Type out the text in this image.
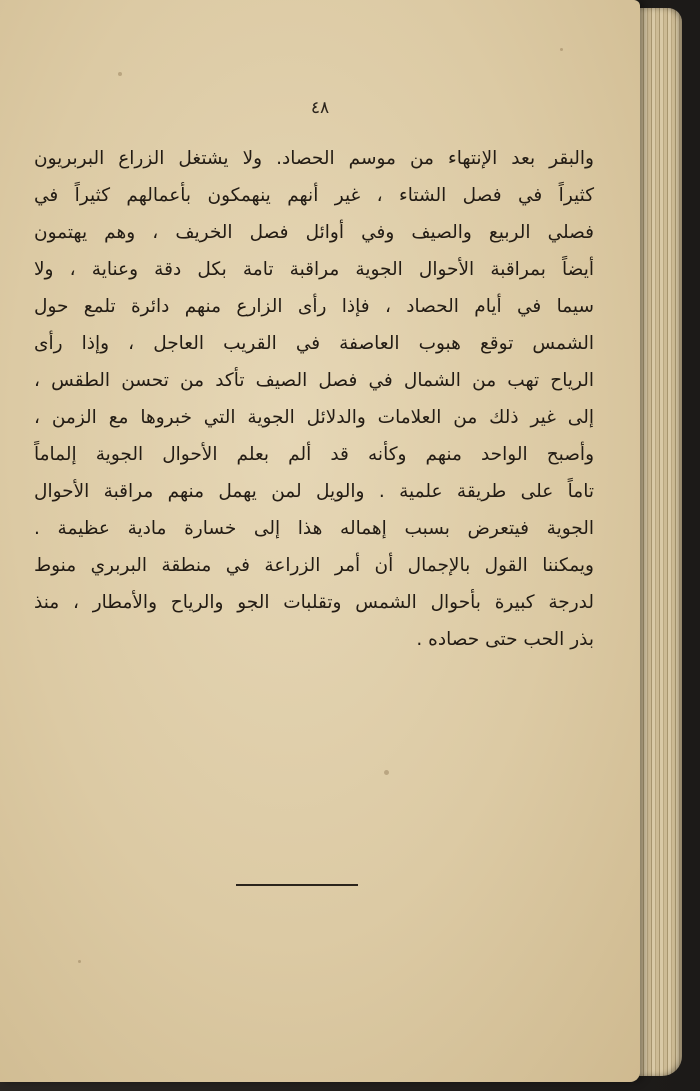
٤٨

والبقر بعد الإنتهاء من موسم الحصاد. ولا يشتغل الزراع البربريون
كثيراً في فصل الشتاء ، غير أنهم ينهمكون بأعمالهم كثيراً في
فصلي الربيع والصيف وفي أوائل فصل الخريف ، وهم يهتمون
أيضاً بمراقبة الأحوال الجوية مراقبة تامة بكل دقة وعناية ، ولا
سيما في أيام الحصاد ، فإذا رأى الزارع منهم دائرة تلمع حول
الشمس توقع هبوب العاصفة في القريب العاجل ، وإذا رأى
الرياح تهب من الشمال في فصل الصيف تأكد من تحسن الطقس ،
إلى غير ذلك من العلامات والدلائل الجوية التي خبروها مع الزمن ،
وأصبح الواحد منهم وكأنه قد ألم بعلم الأحوال الجوية إلماماً
تاماً على طريقة علمية . والويل لمن يهمل منهم مراقبة الأحوال
الجوية فيتعرض بسبب إهماله هذا إلى خسارة مادية عظيمة .
ويمكننا القول بالإجمال أن أمر الزراعة في منطقة البربري منوط
لدرجة كبيرة بأحوال الشمس وتقلبات الجو والرياح والأمطار ، منذ
بذر الحب حتى حصاده .
